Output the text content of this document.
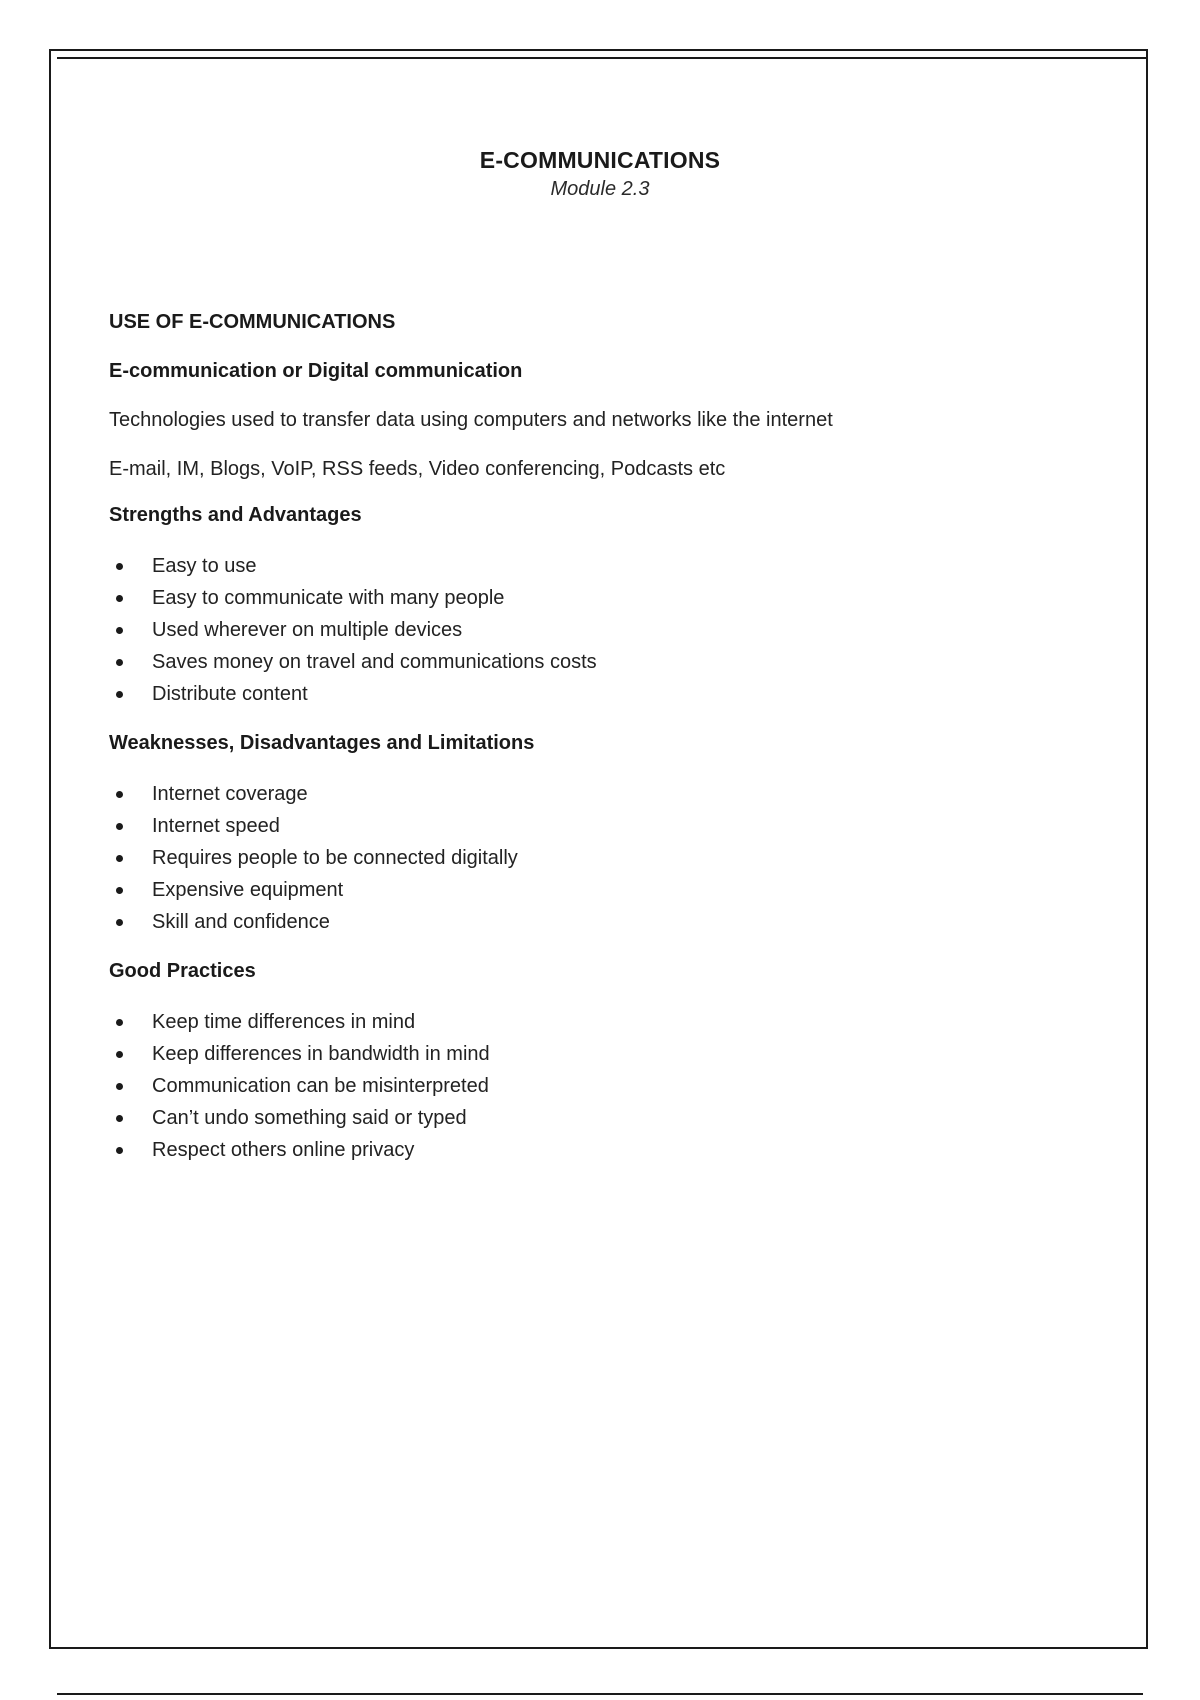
E-COMMUNICATIONS

Module 2.3

USE OF E-COMMUNICATIONS

E-communication or Digital communication

Technologies used to transfer data using computers and networks like the internet

E-mail, IM, Blogs, VoIP, RSS feeds, Video conferencing, Podcasts etc

Strengths and Advantages

Easy to use
Easy to communicate with many people
Used wherever on multiple devices
Saves money on travel and communications costs
Distribute content

Weaknesses, Disadvantages and Limitations

Internet coverage
Internet speed
Requires people to be connected digitally
Expensive equipment
Skill and confidence

Good Practices

Keep time differences in mind
Keep differences in bandwidth in mind
Communication can be misinterpreted
Can’t undo something said or typed
Respect others online privacy
